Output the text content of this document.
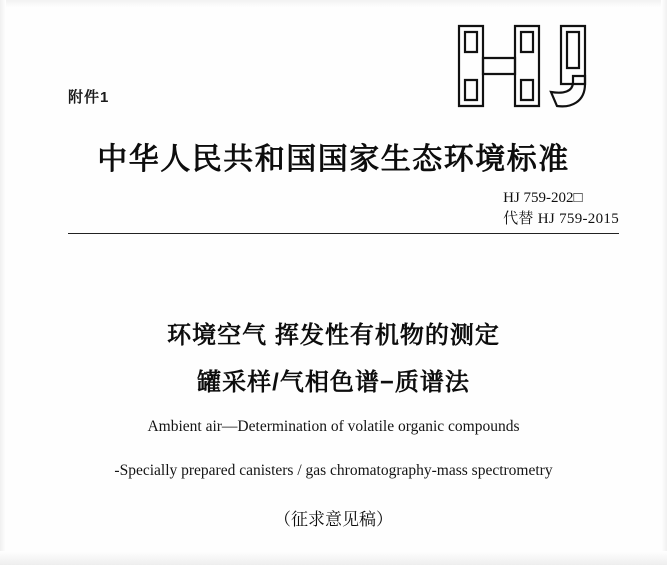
附件1
中华人民共和国国家生态环境标准
HJ 759-202□
代替 HJ 759-2015
环境空气 挥发性有机物的测定
罐采样/气相色谱−质谱法
Ambient air—Determination of volatile organic compounds
-Specially prepared canisters / gas chromatography-mass spectrometry
（征求意见稿）
